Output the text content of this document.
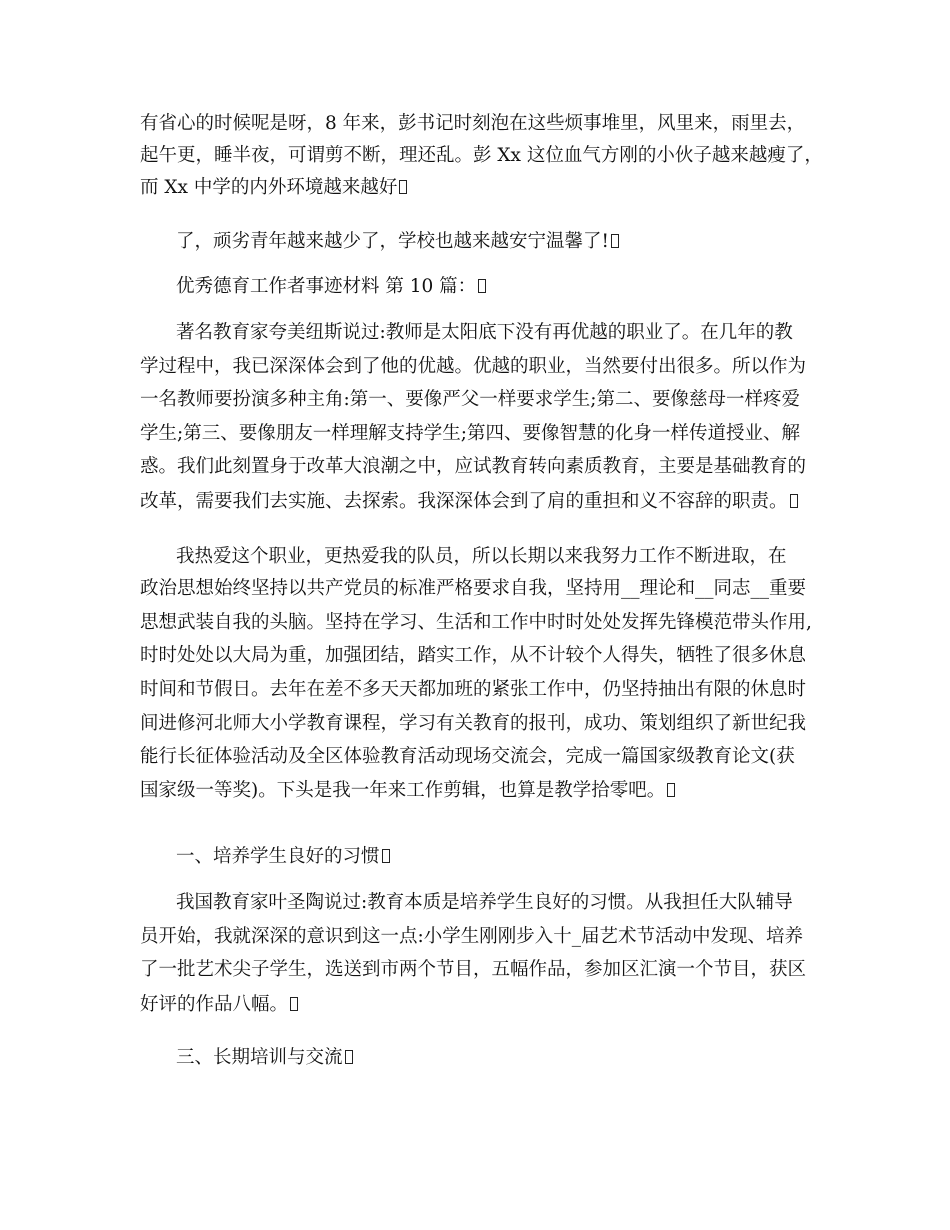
有省心的时候呢是呀，8 年来，彭书记时刻泡在这些烦事堆里，风里来，雨里去，
起午更，睡半夜，可谓剪不断，理还乱。彭 Xx 这位血气方刚的小伙子越来越瘦了，
而 Xx 中学的内外环境越来越好
了，顽劣青年越来越少了，学校也越来越安宁温馨了!
优秀德育工作者事迹材料 第 10 篇：
著名教育家夸美纽斯说过:教师是太阳底下没有再优越的职业了。在几年的教
学过程中，我已深深体会到了他的优越。优越的职业，当然要付出很多。所以作为
一名教师要扮演多种主角:第一、要像严父一样要求学生;第二、要像慈母一样疼爱
学生;第三、要像朋友一样理解支持学生;第四、要像智慧的化身一样传道授业、解
惑。我们此刻置身于改革大浪潮之中，应试教育转向素质教育，主要是基础教育的
改革，需要我们去实施、去探索。我深深体会到了肩的重担和义不容辞的职责。
我热爱这个职业，更热爱我的队员，所以长期以来我努力工作不断进取，在
政治思想始终坚持以共产党员的标准严格要求自我，坚持用__理论和__同志__重要
思想武装自我的头脑。坚持在学习、生活和工作中时时处处发挥先锋模范带头作用,
时时处处以大局为重，加强团结，踏实工作，从不计较个人得失，牺牲了很多休息
时间和节假日。去年在差不多天天都加班的紧张工作中，仍坚持抽出有限的休息时
间进修河北师大小学教育课程，学习有关教育的报刊，成功、策划组织了新世纪我
能行长征体验活动及全区体验教育活动现场交流会，完成一篇国家级教育论文(获
国家级一等奖)。下头是我一年来工作剪辑，也算是教学拾零吧。
一、培养学生良好的习惯
我国教育家叶圣陶说过:教育本质是培养学生良好的习惯。从我担任大队辅导
员开始，我就深深的意识到这一点:小学生刚刚步入十_届艺术节活动中发现、培养
了一批艺术尖子学生，选送到市两个节目，五幅作品，参加区汇演一个节目，获区
好评的作品八幅。
三、长期培训与交流
